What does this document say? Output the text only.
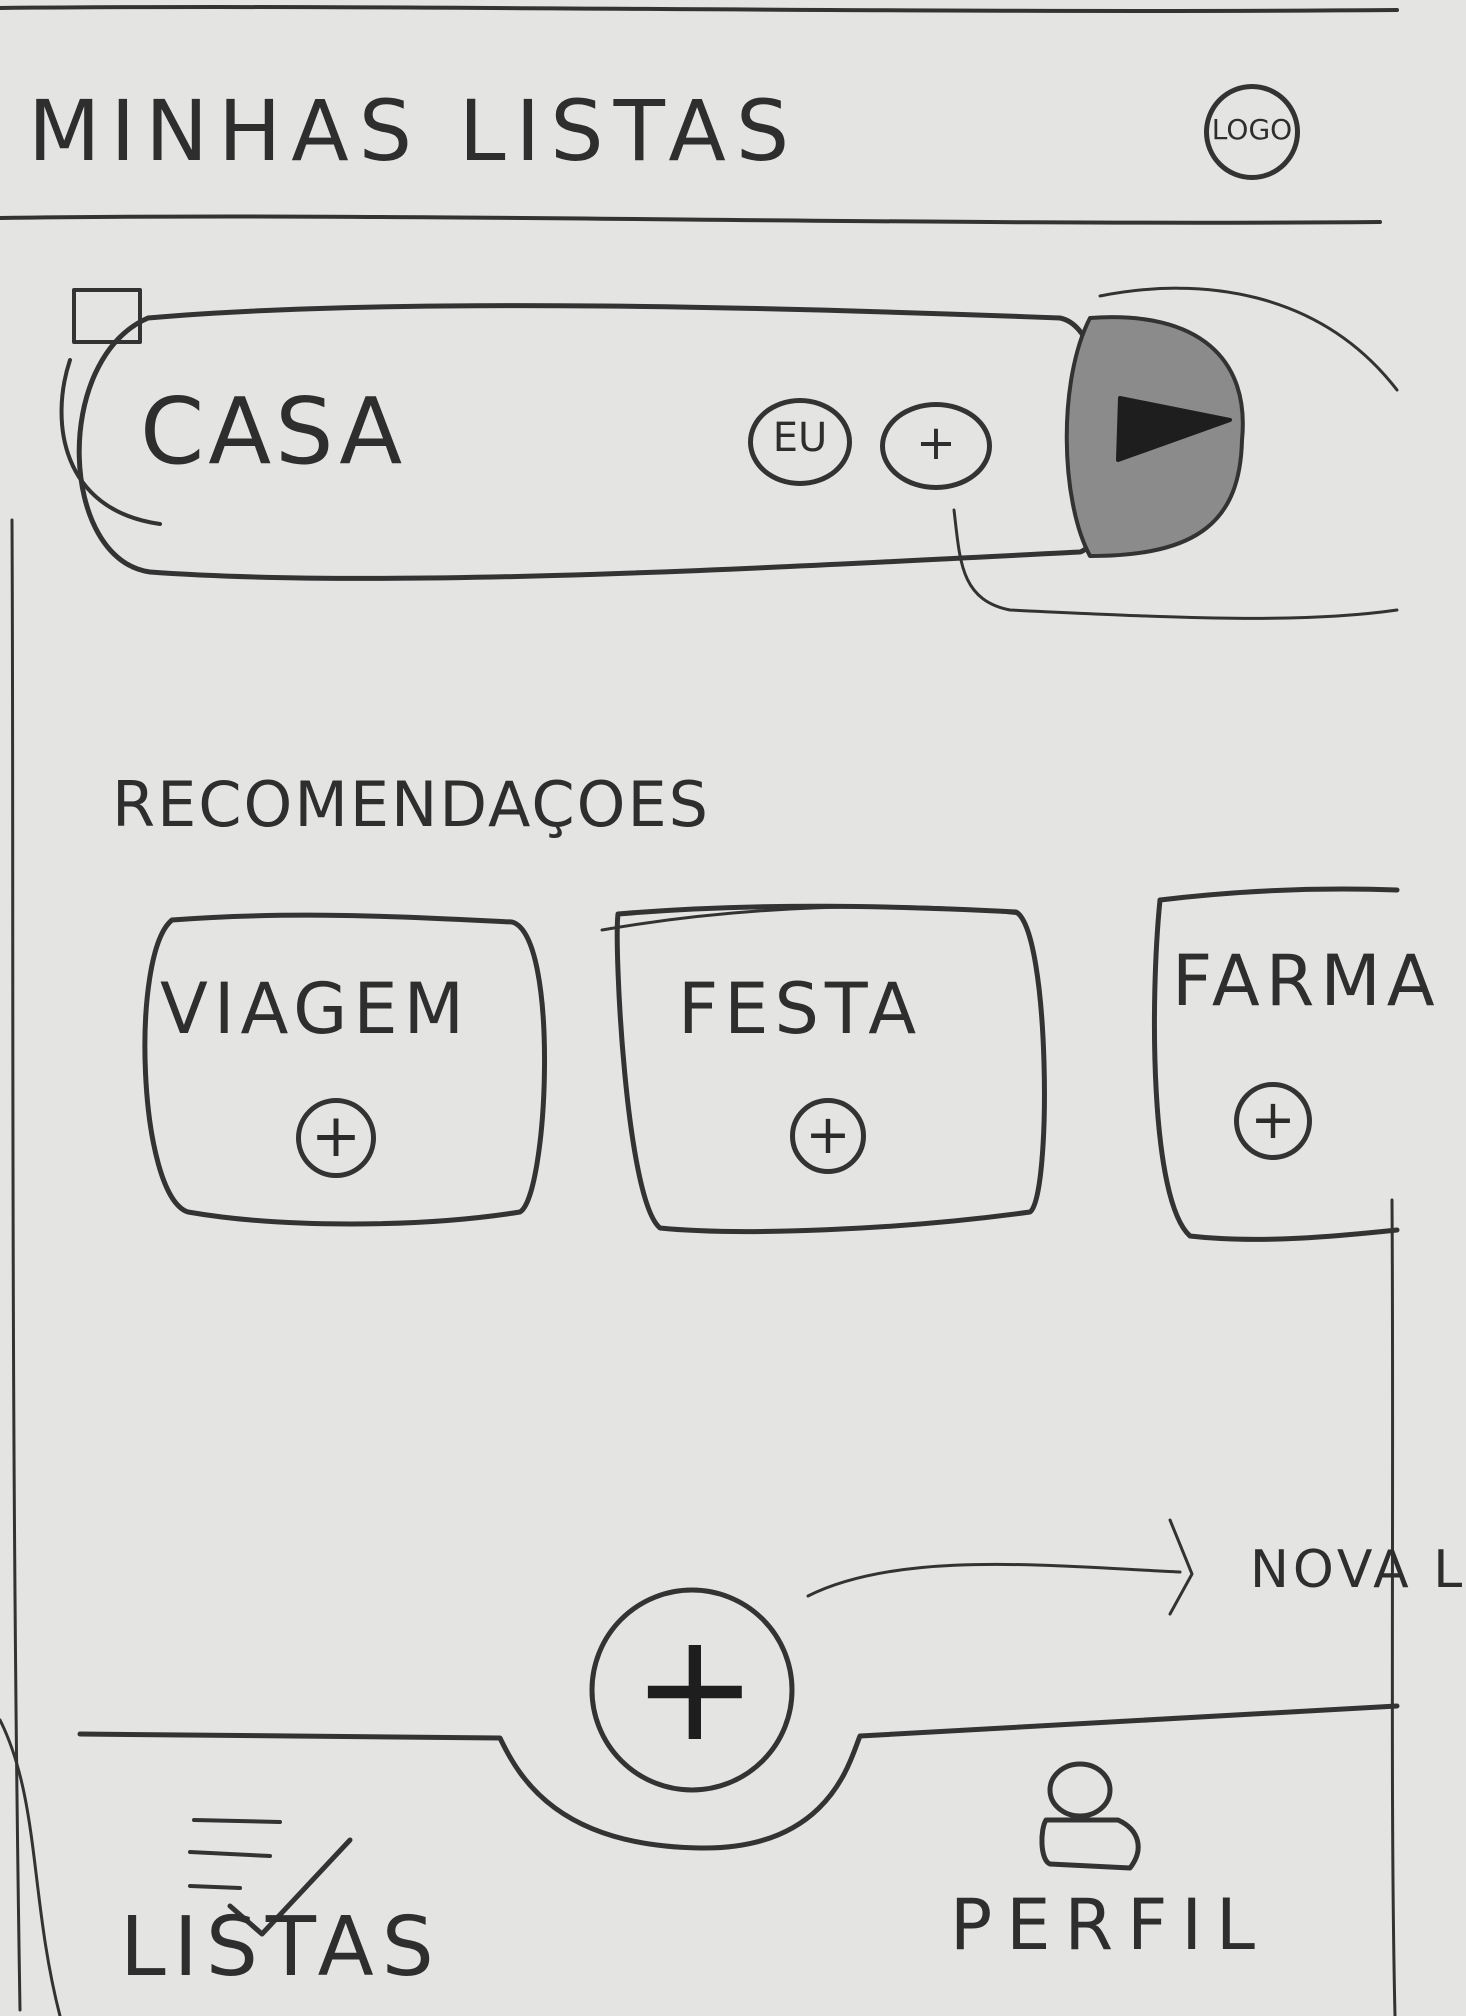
MINHAS LISTAS	LOGO
CASA	EU	+
RECOMENDAÇOES
VIAGEM
+
FESTA
+
FARMA
+
NOVA L
+
LISTAS	PERFIL
